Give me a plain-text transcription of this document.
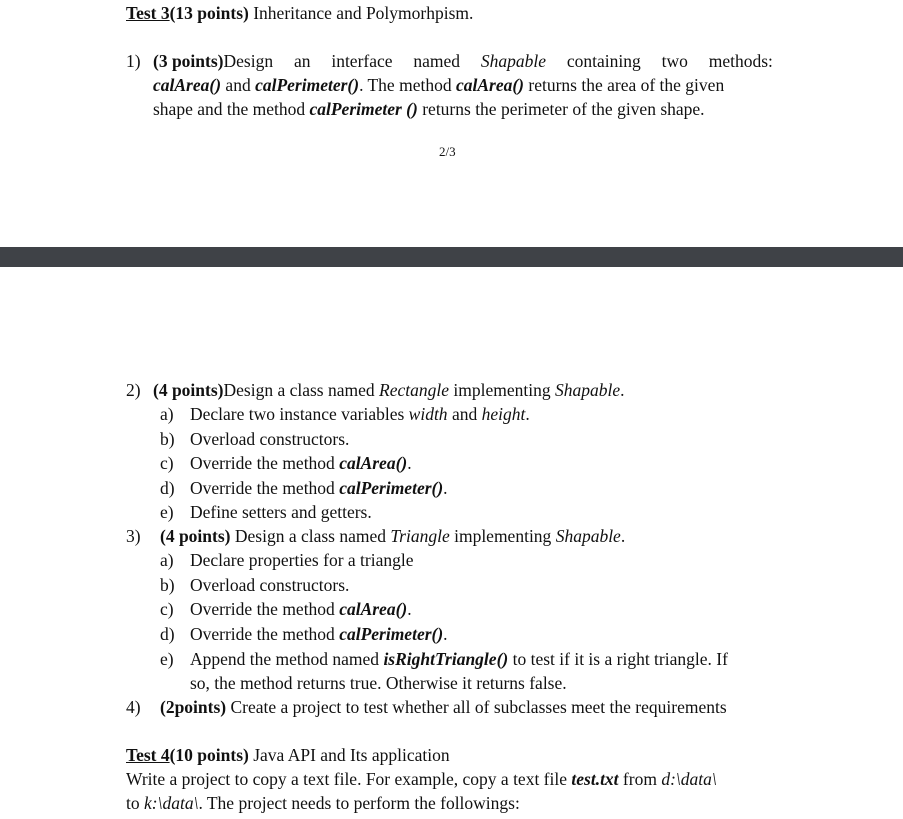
Test 3(13 points) Inheritance and Polymorhpism.
1) (3 points)Design an interface named Shapable containing two methods:
calArea() and calPerimeter(). The method calArea() returns the area of the given
shape and the method calPerimeter () returns the perimeter of the given shape.
2/3
2) (4 points)Design a class named Rectangle implementing Shapable.
a) Declare two instance variables width and height.
b) Overload constructors.
c) Override the method calArea().
d) Override the method calPerimeter().
e) Define setters and getters.
3) (4 points) Design a class named Triangle implementing Shapable.
a) Declare properties for a triangle
b) Overload constructors.
c) Override the method calArea().
d) Override the method calPerimeter().
e) Append the method named isRightTriangle() to test if it is a right triangle. If
so, the method returns true. Otherwise it returns false.
4) (2points) Create a project to test whether all of subclasses meet the requirements
Test 4(10 points) Java API and Its application
Write a project to copy a text file. For example, copy a text file test.txt from d:\data\
to k:\data\. The project needs to perform the followings:
